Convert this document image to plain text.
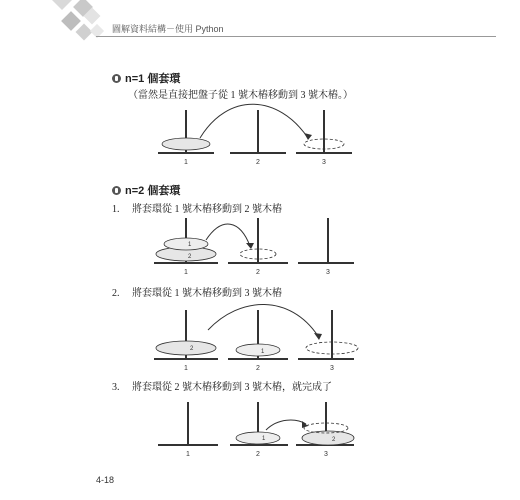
圖解資料結構－使用 Python
n=1 個套環
（當然是直接把盤子從 1 號木樁移動到 3 號木樁。）
1	2	3
n=2 個套環
1. 將套環從 1 號木樁移動到 2 號木樁
1
2
1	2	3
2. 將套環從 1 號木樁移動到 3 號木樁
2	1
1	2	3
3. 將套環從 2 號木樁移動到 3 號木樁，就完成了
1	2
1	2	3
4-18
